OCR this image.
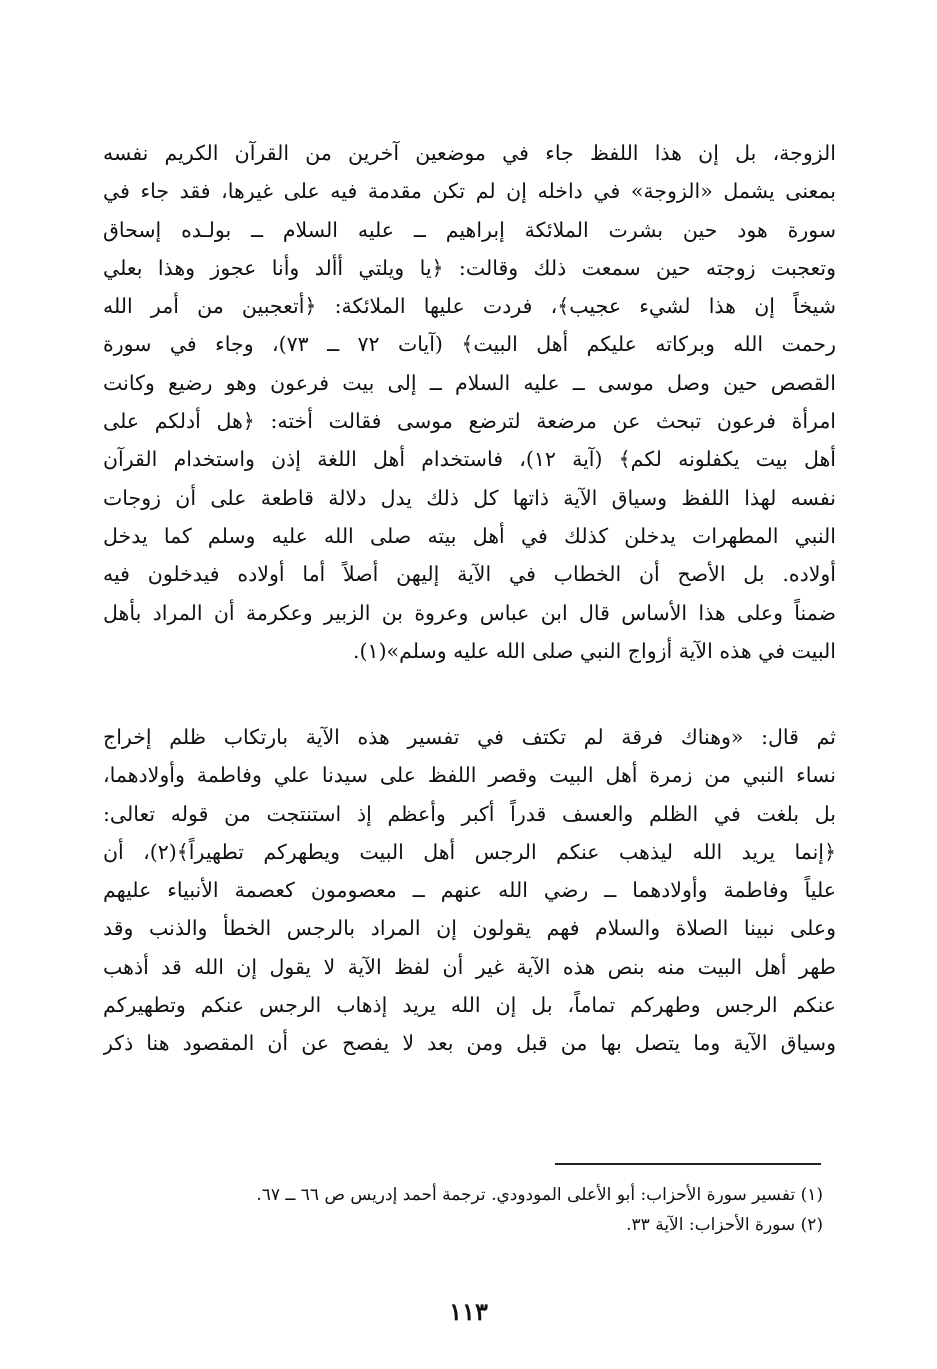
الزوجة، بل إن هذا اللفظ جاء في موضعين آخرين من القرآن الكريم نفسه
بمعنى يشمل «الزوجة» في داخله إن لم تكن مقدمة فيه على غيرها، فقد جاء في
سورة هود حين بشرت الملائكة إبراهيم ــ عليه السلام ــ بولـده إسحاق
وتعجبت زوجته حين سمعت ذلك وقالت: ﴿يا ويلتي أألد وأنا عجوز وهذا بعلي
شيخاً إن هذا لشيء عجيب﴾، فردت عليها الملائكة: ﴿أتعجبين من أمر الله
رحمت الله وبركاته عليكم أهل البيت﴾ (آيات ٧٢ ــ ٧٣)، وجاء في سورة
القصص حين وصل موسى ــ عليه السلام ــ إلى بيت فرعون وهو رضيع وكانت
امرأة فرعون تبحث عن مرضعة لترضع موسى فقالت أخته: ﴿هل أدلكم على
أهل بيت يكفلونه لكم﴾ (آية ١٢)، فاستخدام أهل اللغة إذن واستخدام القرآن
نفسه لهذا اللفظ وسياق الآية ذاتها كل ذلك يدل دلالة قاطعة على أن زوجات
النبي المطهرات يدخلن كذلك في أهل بيته صلى الله عليه وسلم كما يدخل
أولاده. بل الأصح أن الخطاب في الآية إليهن أصلاً أما أولاده فيدخلون فيه
ضمناً وعلى هذا الأساس قال ابن عباس وعروة بن الزبير وعكرمة أن المراد بأهل
البيت في هذه الآية أزواج النبي صلى الله عليه وسلم»(١).
ثم قال: «وهناك فرقة لم تكتف في تفسير هذه الآية بارتكاب ظلم إخراج
نساء النبي من زمرة أهل البيت وقصر اللفظ على سيدنا علي وفاطمة وأولادهما،
بل بلغت في الظلم والعسف قدراً أكبر وأعظم إذ استنتجت من قوله تعالى:
﴿إنما يريد الله ليذهب عنكم الرجس أهل البيت ويطهركم تطهيراً﴾(٢)، أن
علياً وفاطمة وأولادهما ــ رضي الله عنهم ــ معصومون كعصمة الأنبياء عليهم
وعلى نبينا الصلاة والسلام فهم يقولون إن المراد بالرجس الخطأ والذنب وقد
طهر أهل البيت منه بنص هذه الآية غير أن لفظ الآية لا يقول إن الله قد أذهب
عنكم الرجس وطهركم تماماً، بل إن الله يريد إذهاب الرجس عنكم وتطهيركم
وسياق الآية وما يتصل بها من قبل ومن بعد لا يفصح عن أن المقصود هنا ذكر
(١) تفسير سورة الأحزاب: أبو الأعلى المودودي. ترجمة أحمد إدريس ص ٦٦ ــ ٦٧.
(٢) سورة الأحزاب: الآية ٣٣.
١١٣
